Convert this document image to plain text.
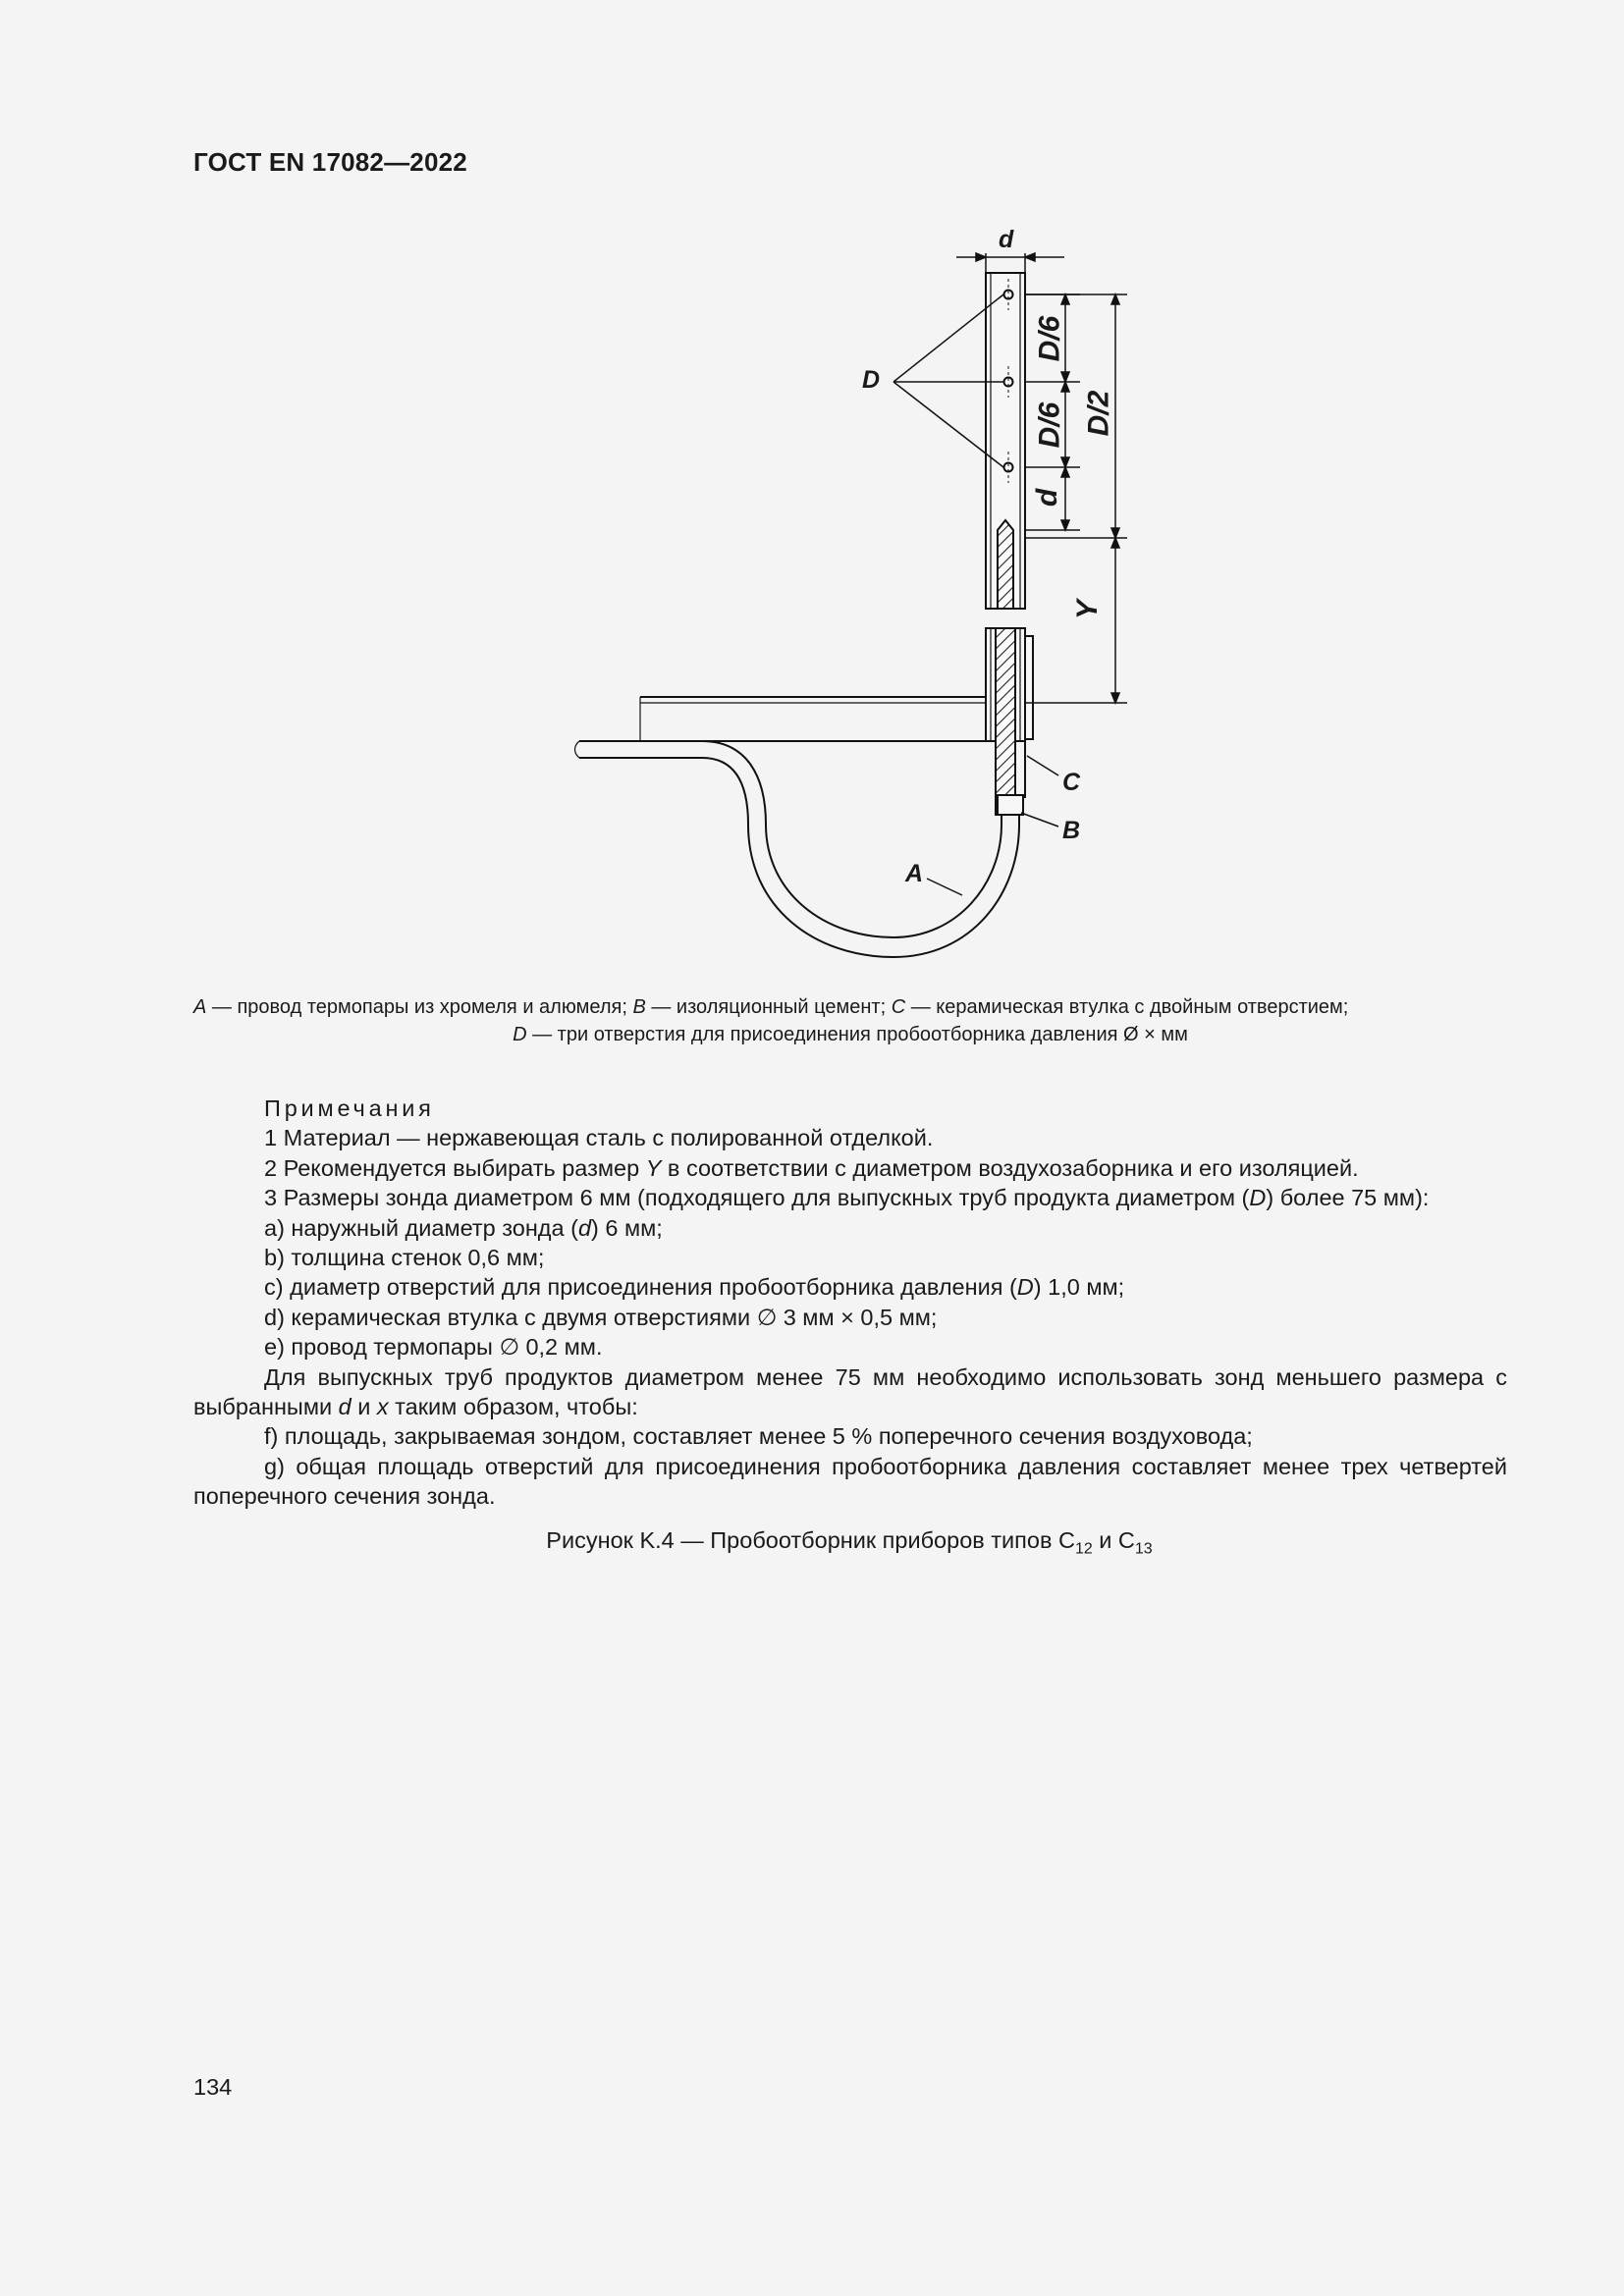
ГОСТ EN 17082—2022
d
D
D/6
D/6
d
D/2
Y
C
B
A
A — провод термопары из хромеля и алюмеля; B — изоляционный цемент; C — керамическая втулка с двойным отверстием;
D — три отверстия для присоединения пробоотборника давления Ø × мм

Примечания

1 Материал — нержавеющая сталь с полированной отделкой.

2 Рекомендуется выбирать размер Y в соответствии с диаметром воздухозаборника и его изоляцией.

3 Размеры зонда диаметром 6 мм (подходящего для выпускных труб продукта диаметром (D) более 75 мм):

а) наружный диаметр зонда (d) 6 мм;

b) толщина стенок 0,6 мм;

c) диаметр отверстий для присоединения пробоотборника давления (D) 1,0 мм;

d) керамическая втулка с двумя отверстиями ∅ 3 мм × 0,5 мм;

e) провод термопары ∅ 0,2 мм.

Для выпускных труб продуктов диаметром менее 75 мм необходимо использовать зонд меньшего размера с выбранными d и x таким образом, чтобы:

f) площадь, закрываемая зондом, составляет менее 5 % поперечного сечения воздуховода;

g) общая площадь отверстий для присоединения пробоотборника давления составляет менее трех четвертей поперечного сечения зонда.

Рисунок K.4 — Пробоотборник приборов типов $С_{12}$ и $С_{13}$
134
